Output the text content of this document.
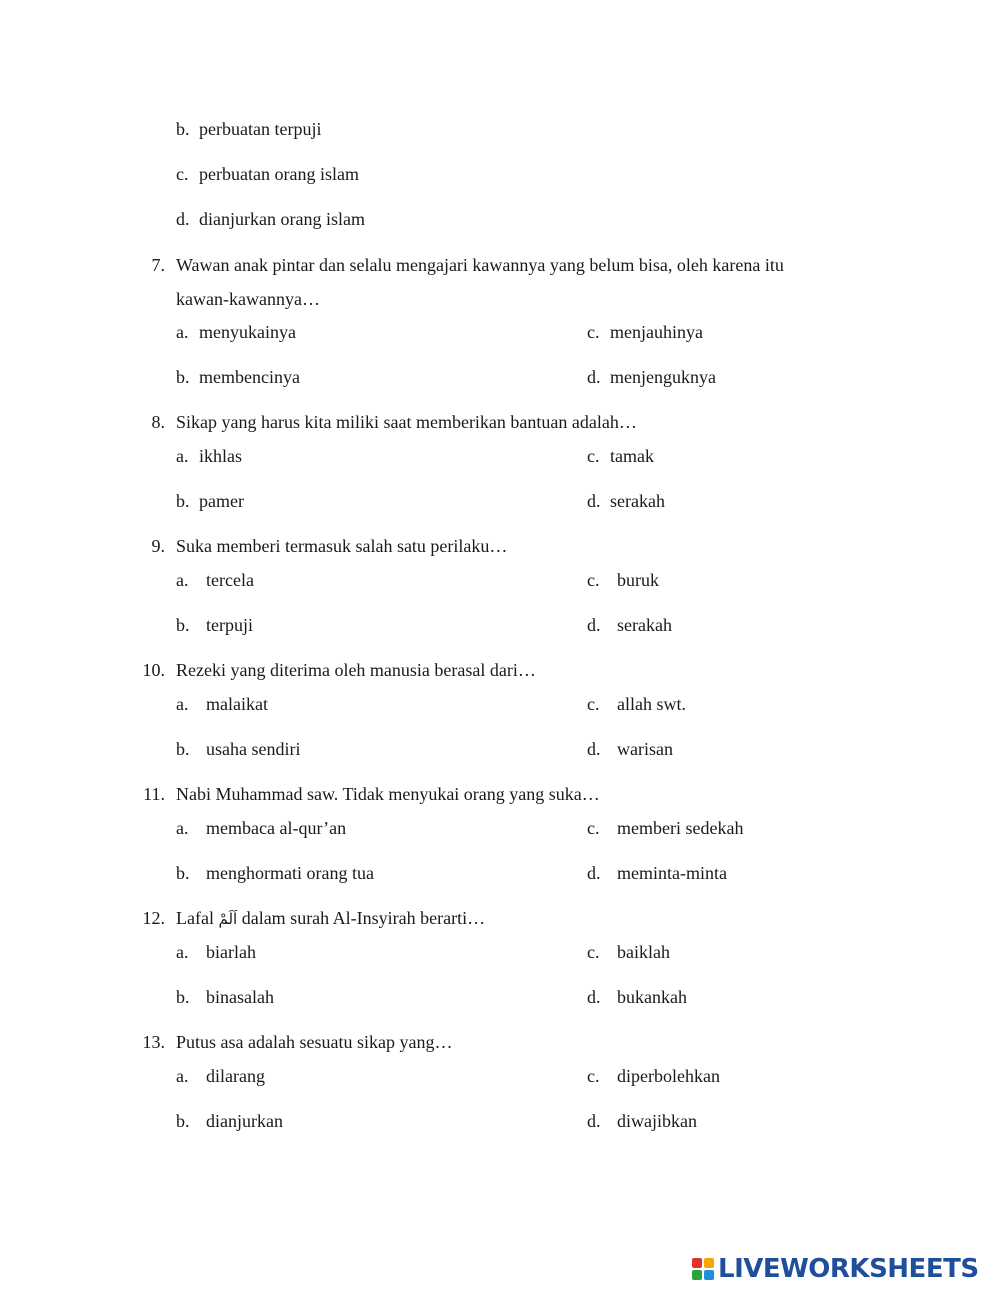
b. perbuatan terpuji
c. perbuatan orang islam
d. dianjurkan orang islam
7. Wawan anak pintar dan selalu mengajari kawannya yang belum bisa, oleh karena itu
kawan-kawannya…
a. menyukainya	c. menjauhinya
b. membencinya	d. menjenguknya
8. Sikap yang harus kita miliki saat memberikan bantuan adalah…
a. ikhlas	c. tamak
b. pamer	d. serakah
9. Suka memberi termasuk salah satu perilaku…
a. tercela	c. buruk
b. terpuji	d. serakah
10. Rezeki yang diterima oleh manusia berasal dari…
a. malaikat	c. allah swt.
b. usaha sendiri	d. warisan
11. Nabi Muhammad saw. Tidak menyukai orang yang suka…
a. membaca al-qur’an	c. memberi sedekah
b. menghormati orang tua	d. meminta-minta
12. Lafal اَلَمْ dalam surah Al-Insyirah berarti…
a. biarlah	c. baiklah
b. binasalah	d. bukankah
13. Putus asa adalah sesuatu sikap yang…
a. dilarang	c. diperbolehkan
b. dianjurkan	d. diwajibkan
LIVEWORKSHEETS
